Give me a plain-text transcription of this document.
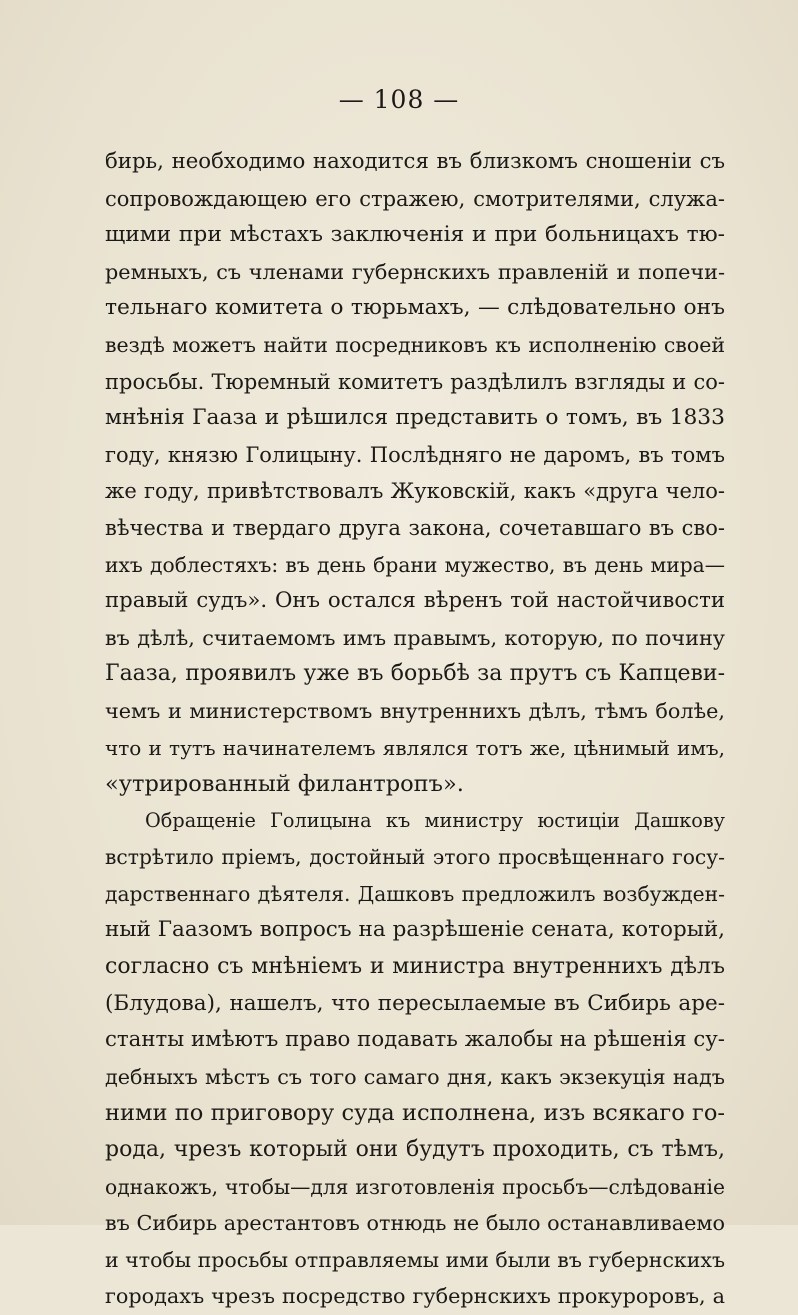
— 108 —
бирь, необходимо находится въ близкомъ сношеніи съ
сопровождающею его стражею, смотрителями, служа-
щими при мѣстахъ заключенія и при больницахъ тю-
ремныхъ, съ членами губернскихъ правленій и попечи-
тельнаго комитета о тюрьмахъ, — слѣдовательно онъ
вездѣ можетъ найти посредниковъ къ исполненію своей
просьбы. Тюремный комитетъ раздѣлилъ взгляды и со-
мнѣнія Гааза и рѣшился представить о томъ, въ 1833
году, князю Голицыну. Послѣдняго не даромъ, въ томъ
же году, привѣтствовалъ Жуковскій, какъ «друга чело-
вѣчества и твердаго друга закона, сочетавшаго въ сво-
ихъ доблестяхъ: въ день брани мужество, въ день мира—
правый судъ». Онъ остался вѣренъ той настойчивости
въ дѣлѣ, считаемомъ имъ правымъ, которую, по почину
Гааза, проявилъ уже въ борьбѣ за прутъ съ Капцеви-
чемъ и министерствомъ внутреннихъ дѣлъ, тѣмъ болѣе,
что и тутъ начинателемъ являлся тотъ же, цѣнимый имъ,
«утрированный филантропъ».
Обращеніе Голицына къ министру юстиціи Дашкову
встрѣтило пріемъ, достойный этого просвѣщеннаго госу-
дарственнаго дѣятеля. Дашковъ предложилъ возбужден-
ный Гаазомъ вопросъ на разрѣшеніе сената, который,
согласно съ мнѣніемъ и министра внутреннихъ дѣлъ
(Блудова), нашелъ, что пересылаемые въ Сибирь аре-
станты имѣютъ право подавать жалобы на рѣшенія су-
дебныхъ мѣстъ съ того самаго дня, какъ экзекуція надъ
ними по приговору суда исполнена, изъ всякаго го-
рода, чрезъ который они будутъ проходить, съ тѣмъ,
однакожъ, чтобы—для изготовленія просьбъ—слѣдованіе
въ Сибирь арестантовъ отнюдь не было останавливаемо
и чтобы просьбы отправляемы ими были въ губернскихъ
городахъ чрезъ посредство губернскихъ прокуроровъ, а
